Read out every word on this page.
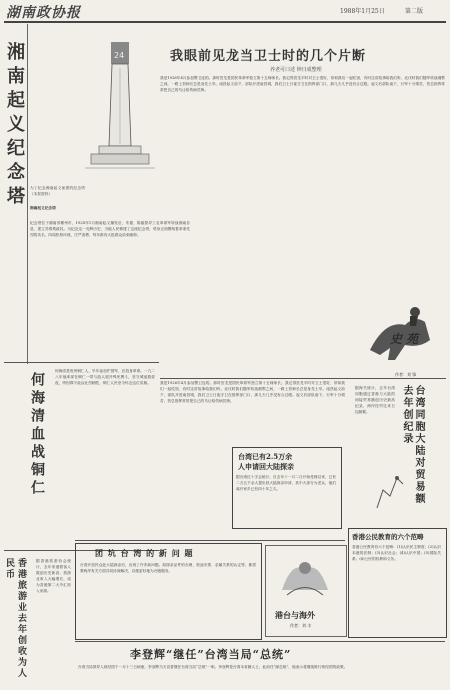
湖南政协报	1988年1月25日	第二版
湘南起义纪念塔	24
为了纪念湘南起义而建的纪念塔（本报资料）
湘南起义纪念塔
纪念塔位于湖南省郴州市，1928年1月湘南起义爆发后，朱德、陈毅领导工农革命军转战湘南各县，建立苏维埃政权。为纪念这一光辉历史，当地人民修建了这座纪念塔，塔身正面镌刻着革命先烈的英名，四周松柏环绕，庄严肃穆，每年都有大批群众前来瞻仰。
何海清血战铜仁
何海清是贵州铜仁人，早年参加护国军，后投身革命。一九二八年他率部在铜仁一带与敌人展开殊死搏斗，坚守城池数昼夜，终因寡不敌众壮烈牺牲，铜仁人民至今怀念这位英雄。
香港旅游业去年创收为人民币	据香港旅游协会统计，去年来港旅客人数创历史新高，旅游业收入大幅增长，成为香港第二大外汇收入来源。
我眼前见龙当卫士时的几个片断
养老可口述 钟日成整理
我是1926年4月参加警卫连的。那时贺龙是国民革命军独立第十五师师长。我记得贺龙平时对卫士很好，常和我们一起吃饭，有时还讲故事给我们听。北伐时我们随军转战湘鄂之间，一路上贺师长总是身先士卒。南昌起义前夕，部队开进南昌城，我们卫士日夜守卫在指挥部门口，那几天几乎没有合过眼。起义后部队南下，行军十分艰苦，贺总指挥常常把自己的马让给伤病员骑。
史 苑
作者：刘 锋
台湾同胞大陆对贸易额去年创纪录
据海关统计，去年台湾同胞通过香港与大陆的间接贸易额创历史最高纪录，两岸经贸往来日趋频繁。
我是1926年4月参加警卫连的。那时贺龙是国民革命军独立第十五师师长。我记得贺龙平时对卫士很好，常和我们一起吃饭，有时还讲故事给我们听。北伐时我们随军转战湘鄂之间，一路上贺师长总是身先士卒。南昌起义前夕，部队开进南昌城，我们卫士日夜守卫在指挥部门口，那几天几乎没有合过眼。起义后部队南下，行军十分艰苦，贺总指挥常常把自己的马让给伤病员骑。
台湾已有2.5万余
人申请回大陆探亲
据台湾红十字会统计，自去年十一月二日开始受理以来，已有二万五千余人提出回大陆探亲申请，其中大部分为老兵，他们离开家乡已有四十年之久。
团 坑 台 湾 的 新 问 题
台湾开放民众赴大陆探亲后，出现了许多新问题。如探亲证件的办理、旅途安排、亲属关系的认定等，都需要两岸有关方面共同协商解决，以便更好地为台胞服务。
港台与海外
作者：刘 丰
香港公民教育的六个范畴
香港公民教育有六个范畴：(1)认识民主制度；(2)认识本港的法制；(3)认识社会；(4)认识中国；(5)国际关系；(6)公民的权利和义务。
李登辉“继任”台湾当局“总统”
台湾当局领导人蒋经国于一月十三日病逝，李登辉当天宣誓继任台湾当局“总统”一职。李登辉是台湾本省籍人士，此前任“副总统”，他表示将继续推行蒋经国的政策。
